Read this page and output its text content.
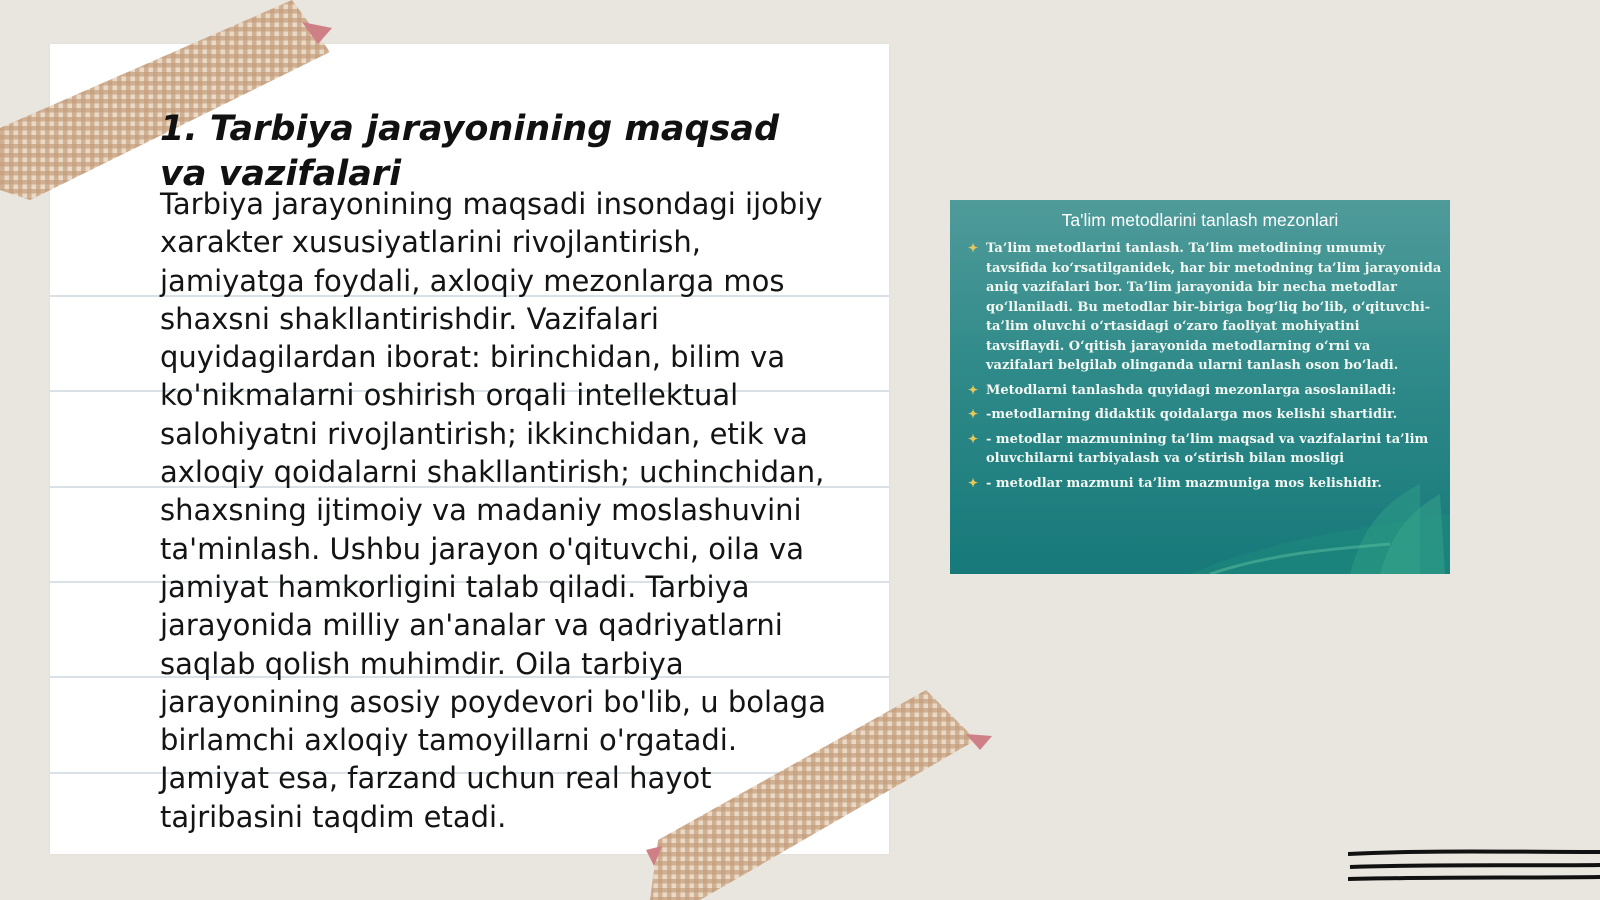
1. Tarbiya jarayonining maqsad va vazifalari

Tarbiya jarayonining maqsadi insondagi ijobiy xarakter xususiyatlarini rivojlantirish, jamiyatga foydali, axloqiy mezonlarga mos shaxsni shakllantirishdir. Vazifalari quyidagilardan iborat: birinchidan, bilim va ko'nikmalarni oshirish orqali intellektual salohiyatni rivojlantirish; ikkinchidan, etik va axloqiy qoidalarni shakllantirish; uchinchidan, shaxsning ijtimoiy va madaniy moslashuvini ta'minlash. Ushbu jarayon o'qituvchi, oila va jamiyat hamkorligini talab qiladi. Tarbiya jarayonida milliy an'analar va qadriyatlarni saqlab qolish muhimdir. Oila tarbiya jarayonining asosiy poydevori bo'lib, u bolaga birlamchi axloqiy tamoyillarni o'rgatadi. Jamiyat esa, farzand uchun real hayot tajribasini taqdim etadi.

Ta'lim metodlarini tanlash mezonlari
✦ Ta’lim metodlarini tanlash. Ta’lim metodining umumiy tavsifida ko‘rsatilganidek, har bir metodning ta’lim jarayonida aniq vazifalari bor. Ta’lim jarayonida bir necha metodlar qo‘llaniladi. Bu metodlar bir-biriga bog‘liq bo‘lib, o‘qituvchi-ta’lim oluvchi o‘rtasidagi o‘zaro faoliyat mohiyatini tavsiflaydi. O‘qitish jarayonida metodlarning o‘rni va vazifalari belgilab olinganda ularni tanlash oson bo‘ladi.
✦ Metodlarni tanlashda quyidagi mezonlarga asoslaniladi:
✦ -metodlarning didaktik qoidalarga mos kelishi shartidir.
✦ - metodlar mazmunining ta’lim maqsad va vazifalarini ta’lim oluvchilarni tarbiyalash va o‘stirish bilan mosligi
✦ - metodlar mazmuni ta’lim mazmuniga mos kelishidir.
